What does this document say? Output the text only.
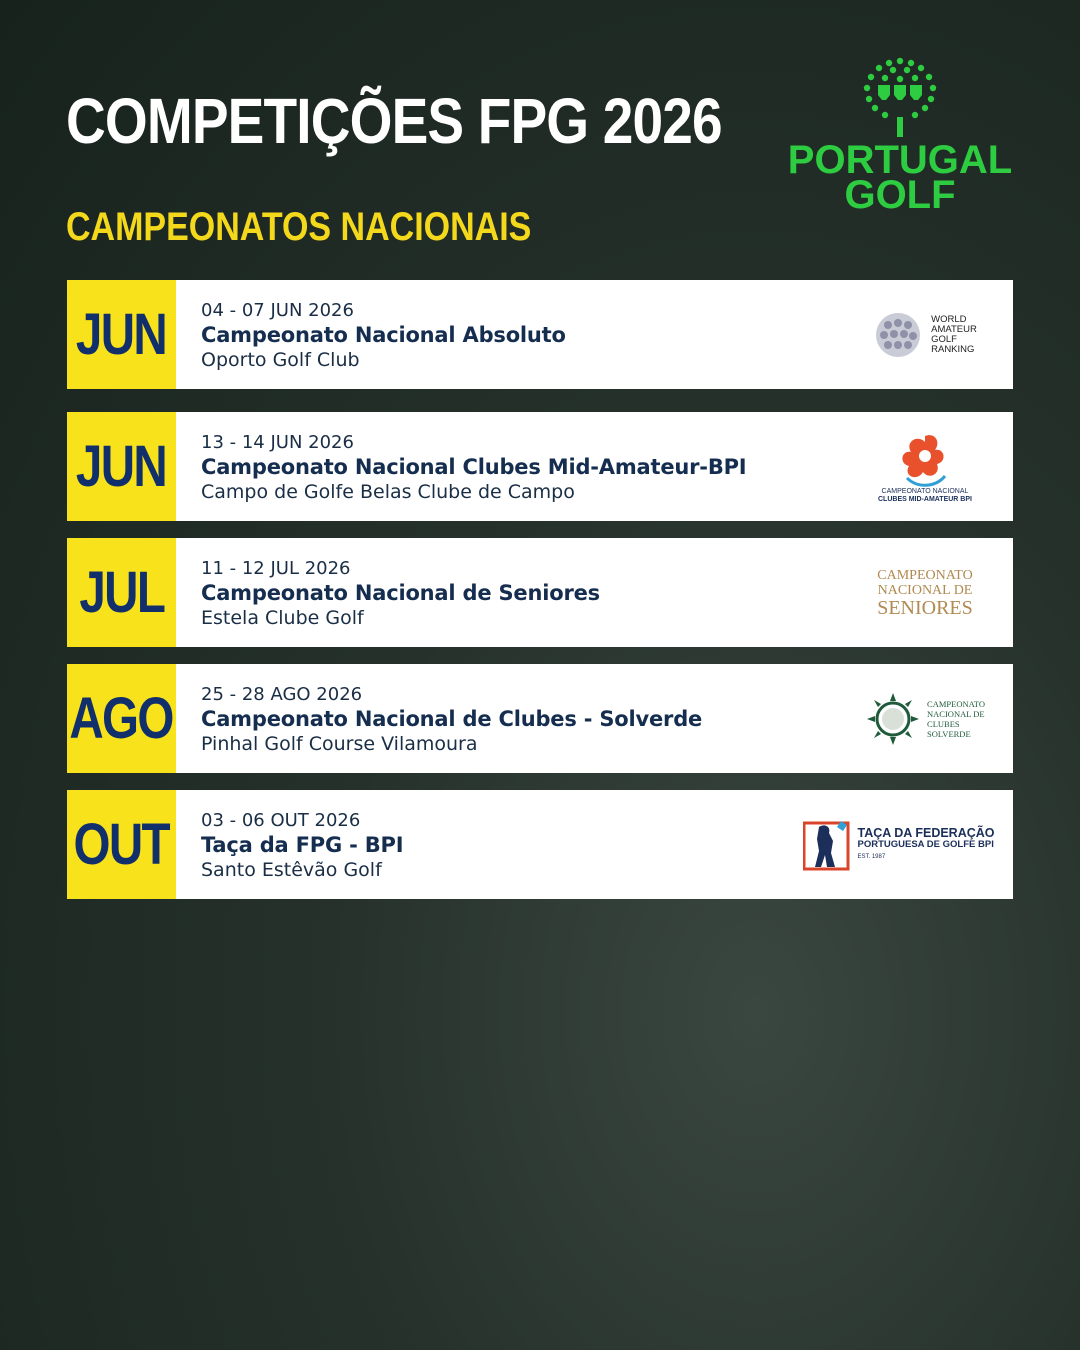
COMPETIÇÕES FPG 2026
CAMPEONATOS NACIONAIS
PORTUGAL
GOLF
JUN 04 - 07 JUN 2026
Campeonato Nacional Absoluto
Oporto Golf Club
WORLD
AMATEUR
GOLF
RANKING
JUN 13 - 14 JUN 2026
Campeonato Nacional Clubes Mid-Amateur-BPI
Campo de Golfe Belas Clube de Campo	CAMPEONATO NACIONAL
CLUBES MID-AMATEUR BPI
JUL 11 - 12 JUL 2026
Campeonato Nacional de Seniores
Estela Clube Golf
CAMPEONATO
NACIONAL DE
SENIORES
AGO 25 - 28 AGO 2026
Campeonato Nacional de Clubes - Solverde
Pinhal Golf Course Vilamoura
CAMPEONATO
NACIONAL DE
CLUBES
SOLVERDE
OUT 03 - 06 OUT 2026
Taça da FPG - BPI
Santo Estêvão Golf
TAÇA DA FEDERAÇÃO
PORTUGUESA DE GOLFE BPI
EST. 1987
